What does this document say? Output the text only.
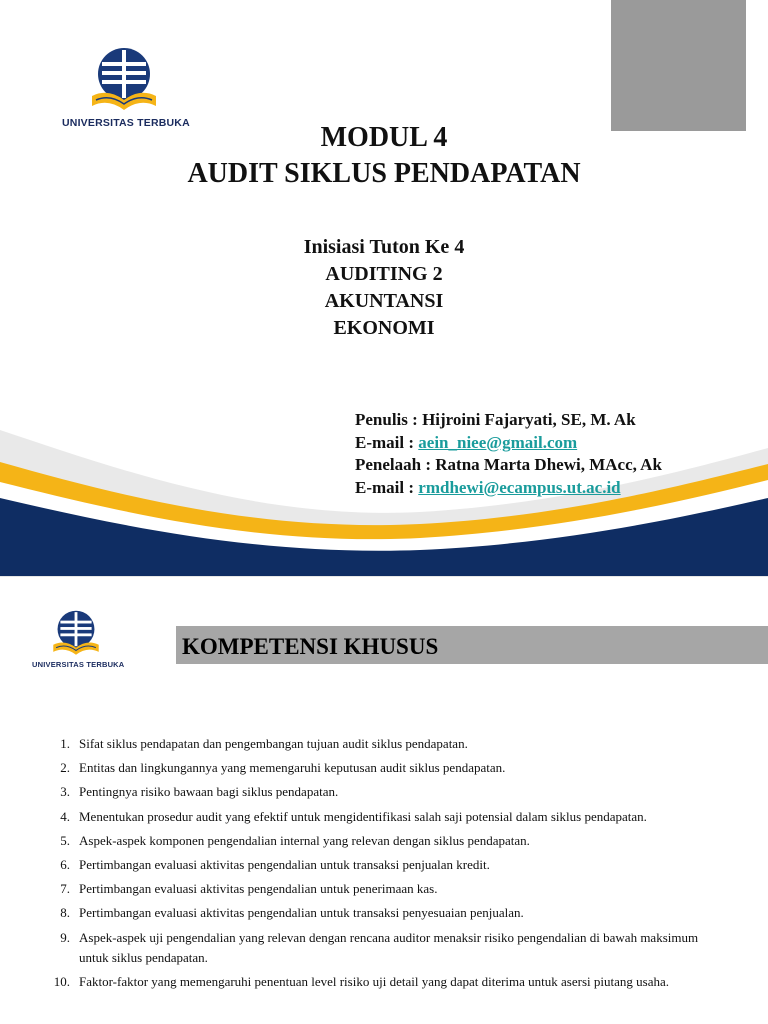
UNIVERSITAS TERBUKA	MODUL 4
AUDIT SIKLUS PENDAPATAN
Inisiasi Tuton Ke 4
AUDITING 2
AKUNTANSI
EKONOMI
Penulis : Hijroini Fajaryati, SE, M. Ak
E-mail : aein_niee@gmail.com
Penelaah : Ratna Marta Dhewi, MAcc, Ak
E-mail : rmdhewi@ecampus.ut.ac.id
UNIVERSITAS TERBUKA
KOMPETENSI KHUSUS
1. Sifat siklus pendapatan dan pengembangan tujuan audit siklus pendapatan.
2. Entitas dan lingkungannya yang memengaruhi keputusan audit siklus pendapatan.
3. Pentingnya risiko bawaan bagi siklus pendapatan.
4. Menentukan prosedur audit yang efektif untuk mengidentifikasi salah saji potensial dalam siklus pendapatan.
5. Aspek-aspek komponen pengendalian internal yang relevan dengan siklus pendapatan.
6. Pertimbangan evaluasi aktivitas pengendalian untuk transaksi penjualan kredit.
7. Pertimbangan evaluasi aktivitas pengendalian untuk penerimaan kas.
8. Pertimbangan evaluasi aktivitas pengendalian untuk transaksi penyesuaian penjualan.
9. Aspek-aspek uji pengendalian yang relevan dengan rencana auditor menaksir risiko pengendalian di bawah maksimum untuk siklus pendapatan.
10. Faktor-faktor yang memengaruhi penentuan level risiko uji detail yang dapat diterima untuk asersi piutang usaha.
